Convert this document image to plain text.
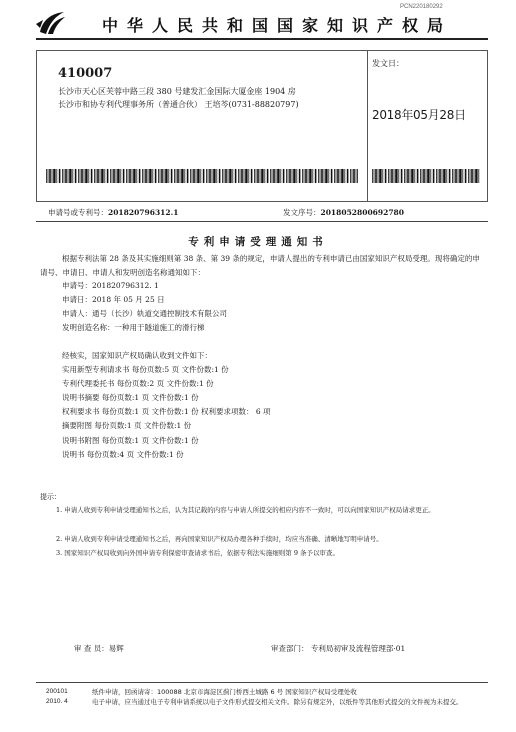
PCN220180292
中华人民共和国国家知识产权局
410007
长沙市天心区芙蓉中路三段 380 号建发汇金国际大厦金座 1904 房
长沙市和协专利代理事务所（普通合伙） 王培芩(0731-88820797)
发文日：
2018年05月28日
申请号或专利号：201820796312.1	发文序号：2018052800692780
专利申请受理通知书
根据专利法第 28 条及其实施细则第 38 条、第 39 条的规定，申请人提出的专利申请已由国家知识产权局受理。现将确定的申请号、申请日、申请人和发明创造名称通知如下：
申请号：201820796312. 1
申请日：2018 年 05 月 25 日
申请人：通号（长沙）轨道交通控制技术有限公司
发明创造名称：一种用于隧道施工的滑行梯
经核实，国家知识产权局确认收到文件如下：
实用新型专利请求书 每份页数:5 页 文件份数:1 份
专利代理委托书 每份页数:2 页 文件份数:1 份
说明书摘要 每份页数:1 页 文件份数:1 份
权利要求书 每份页数:1 页 文件份数:1 份 权利要求项数： 6 项
摘要附图 每份页数:1 页 文件份数:1 份
说明书附图 每份页数:1 页 文件份数:1 份
说明书 每份页数:4 页 文件份数:1 份
提示：
1. 申请人收到专利申请受理通知书之后，认为其记载的内容与申请人所提交的相应内容不一致时，可以向国家知识产权局请求更正。
2. 申请人收到专利申请受理通知书之后，再向国家知识产权局办理各种手续时，均应当准确、清晰地写明申请号。
3. 国家知识产权局收到向外国申请专利保密审查请求书后，依据专利法实施细则第 9 条予以审查。
审 查 员：易辉	审查部门： 专利局初审及流程管理部·01
200101
2010. 4
纸件申请，回函请寄：100088 北京市海淀区蓟门桥西土城路 6 号 国家知识产权局受理处收
电子申请，应当通过电子专利申请系统以电子文件形式提交相关文件。除另有规定外，以纸件等其他形式提交的文件视为未提交。
